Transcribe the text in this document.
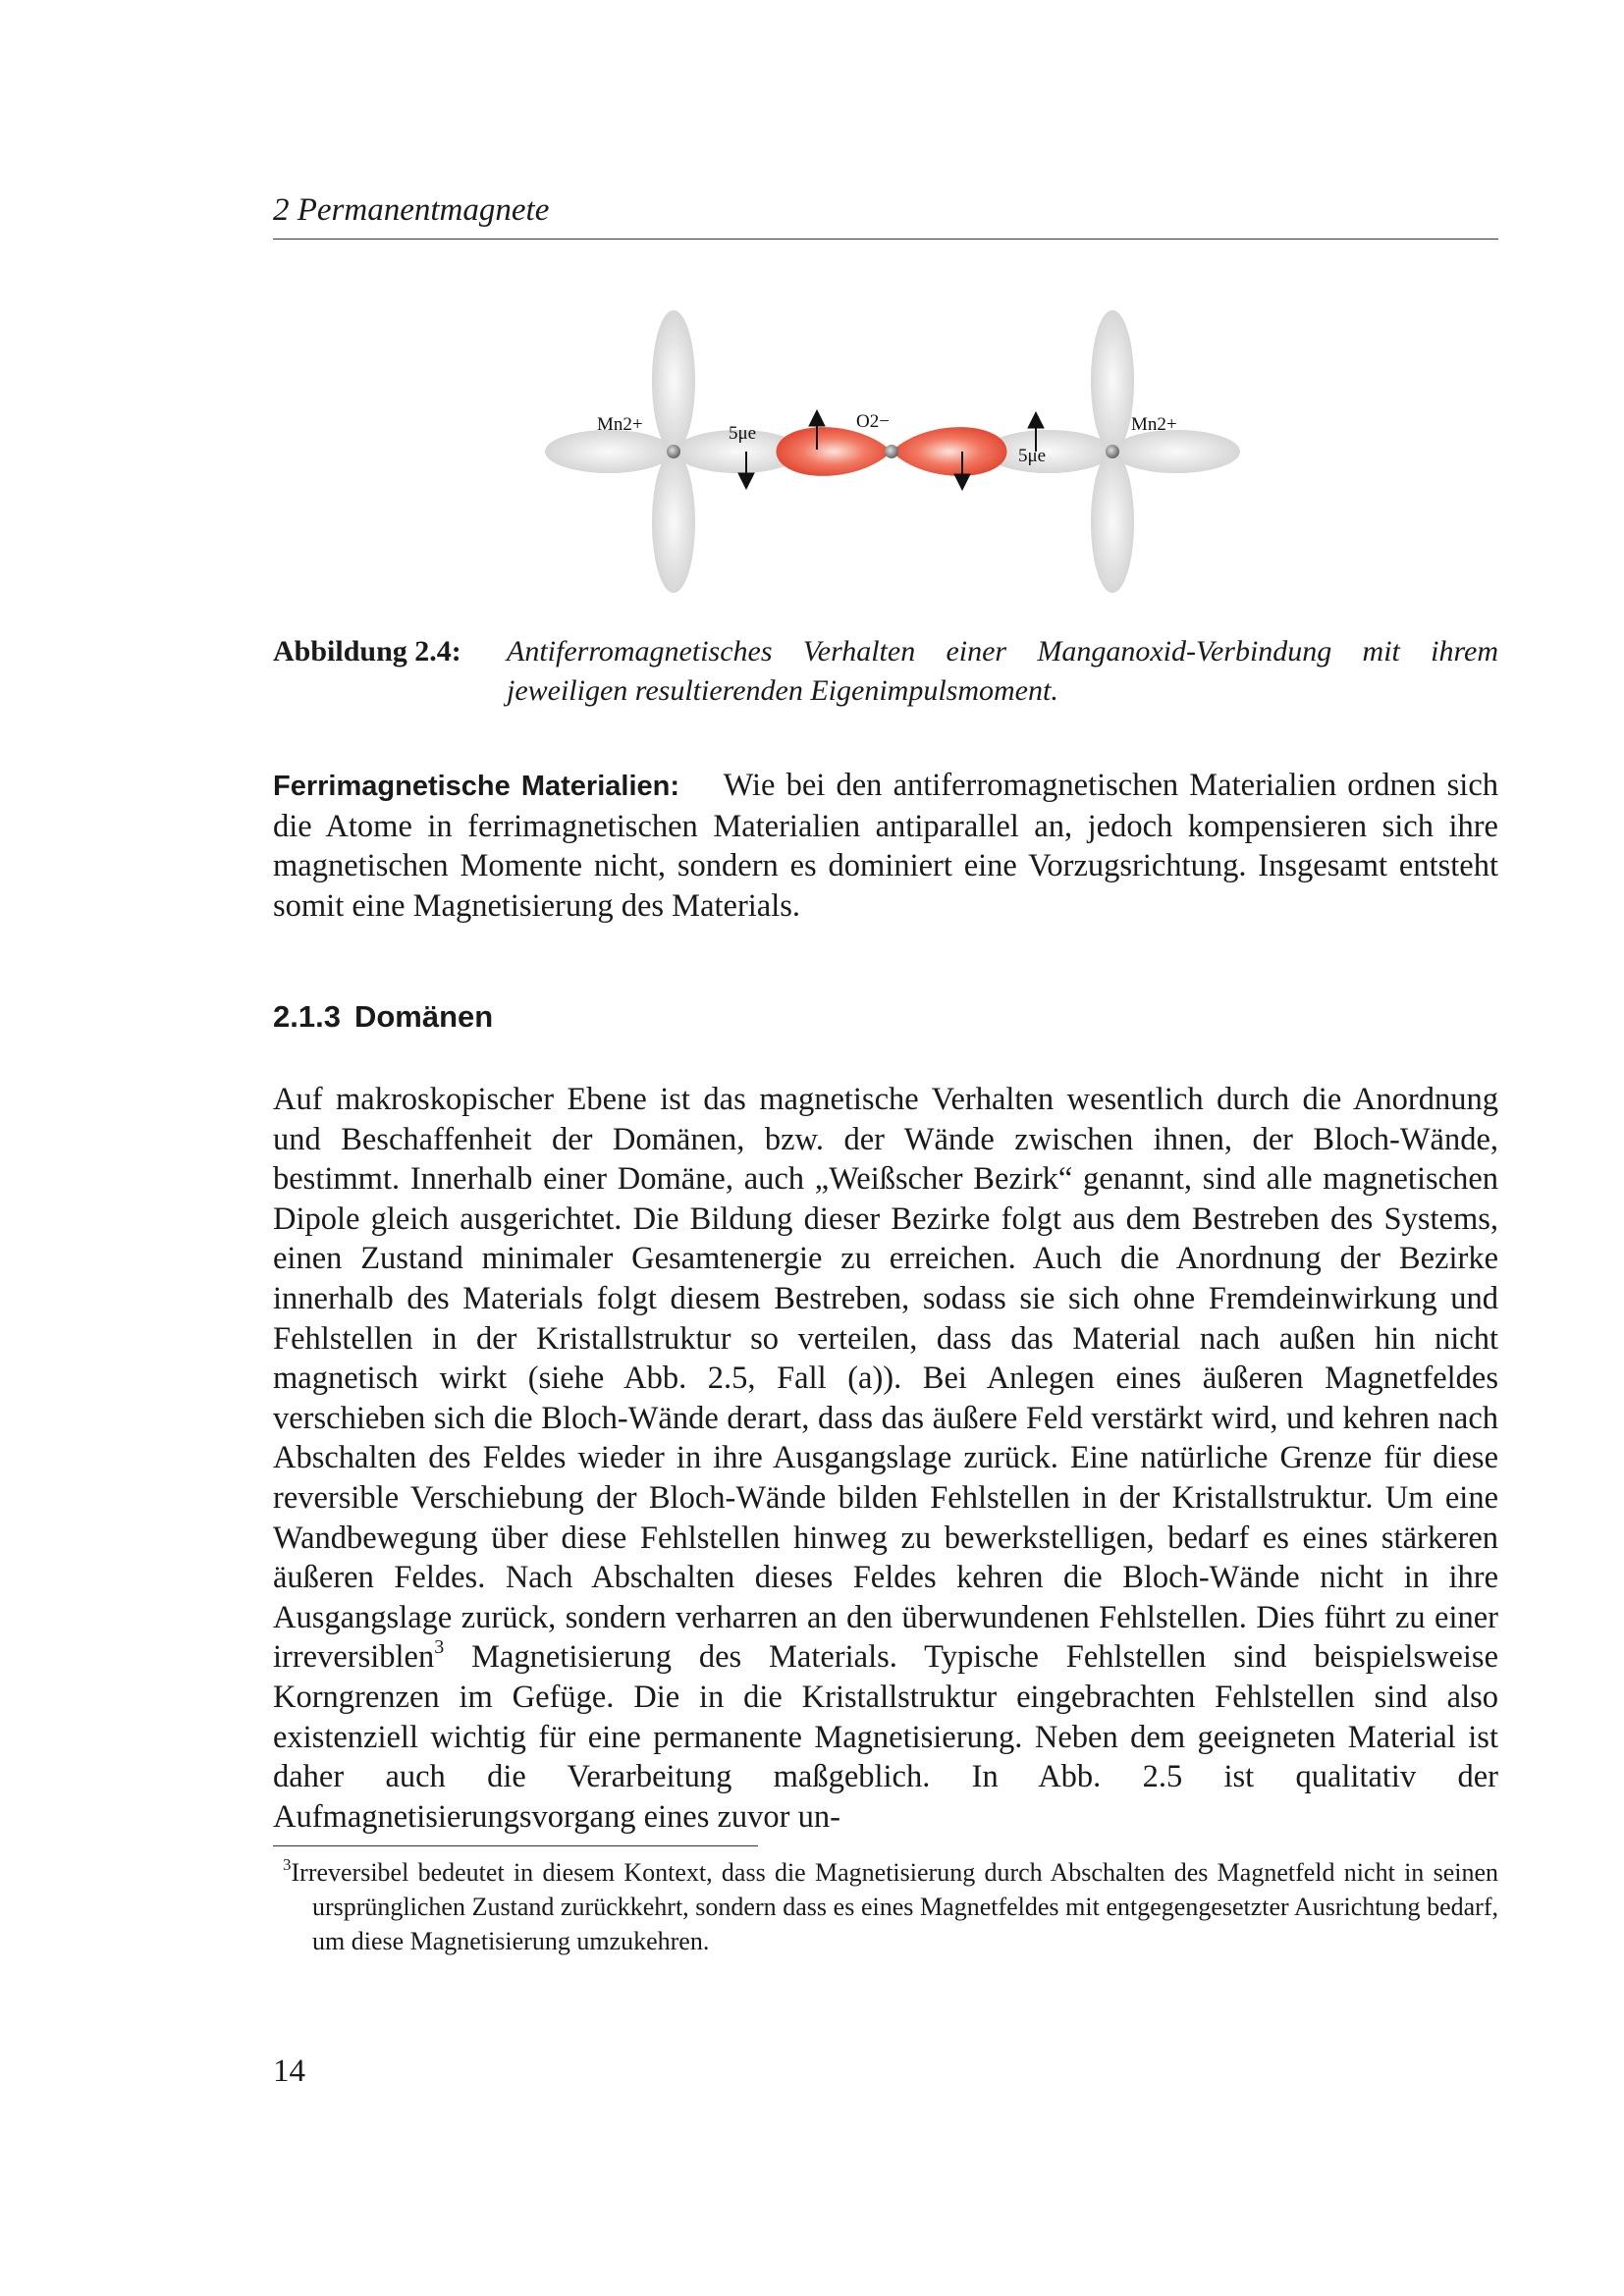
2 Permanentmagnete
Mn2+	O2−	Mn2+
5μe
5μe
Abbildung 2.4: Antiferromagnetisches Verhalten einer Manganoxid-Verbindung mit ihrem jeweiligen resultierenden Eigenimpulsmoment.
Ferrimagnetische Materialien: Wie bei den antiferromagnetischen Materialien ordnen sich die Atome in ferrimagnetischen Materialien antiparallel an, jedoch kompensieren sich ihre magnetischen Momente nicht, sondern es dominiert eine Vorzugsrichtung. Insgesamt entsteht somit eine Magnetisierung des Materials.
2.1.3 Domänen
Auf makroskopischer Ebene ist das magnetische Verhalten wesentlich durch die Anordnung und Beschaffenheit der Domänen, bzw. der Wände zwischen ihnen, der Bloch-Wände, bestimmt. Innerhalb einer Domäne, auch „Weißscher Bezirk“ genannt, sind alle magnetischen Dipole gleich ausgerichtet. Die Bildung dieser Bezirke folgt aus dem Bestreben des Systems, einen Zustand minimaler Gesamtenergie zu erreichen. Auch die Anordnung der Bezirke innerhalb des Materials folgt diesem Bestreben, sodass sie sich ohne Fremdeinwirkung und Fehlstellen in der Kristallstruktur so verteilen, dass das Material nach außen hin nicht magnetisch wirkt (siehe Abb. 2.5, Fall (a)). Bei Anlegen eines äußeren Magnetfeldes verschieben sich die Bloch-Wände derart, dass das äußere Feld verstärkt wird, und kehren nach Abschalten des Feldes wieder in ihre Ausgangslage zurück. Eine natürliche Grenze für diese reversible Verschiebung der Bloch-Wände bilden Fehlstellen in der Kristallstruktur. Um eine Wandbewegung über diese Fehlstellen hinweg zu bewerkstelligen, bedarf es eines stärkeren äußeren Feldes. Nach Abschalten dieses Feldes kehren die Bloch-Wände nicht in ihre Ausgangslage zurück, sondern verharren an den überwundenen Fehlstellen. Dies führt zu einer irreversiblen$^3$ Magnetisierung des Materials. Typische Fehlstellen sind beispielsweise Korngrenzen im Gefüge. Die in die Kristallstruktur eingebrachten Fehlstellen sind also existenziell wichtig für eine permanente Magnetisierung. Neben dem geeigneten Material ist daher auch die Verarbeitung maßgeblich. In Abb. 2.5 ist qualitativ der Aufmagnetisierungsvorgang eines zuvor un-
$^3$Irreversibel bedeutet in diesem Kontext, dass die Magnetisierung durch Abschalten des Magnetfeld nicht in seinen ursprünglichen Zustand zurückkehrt, sondern dass es eines Magnetfeldes mit entgegengesetzter Ausrichtung bedarf, um diese Magnetisierung umzukehren.
14
